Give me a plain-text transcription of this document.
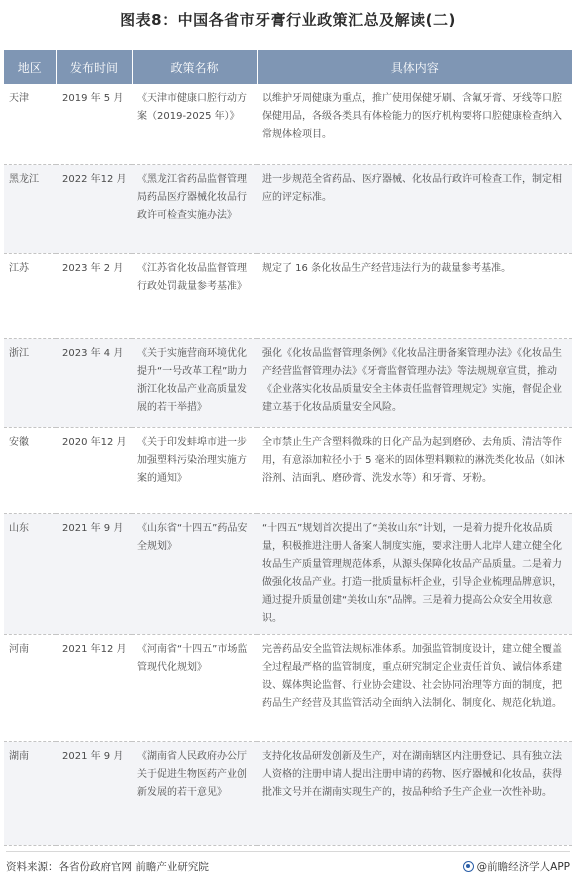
图表8：中国各省市牙膏行业政策汇总及解读(二)
地区	发布时间	政策名称	具体内容
天津	2019 年 5 月	《天津市健康口腔行动方案（2019-2025 年）》	以维护牙周健康为重点，推广使用保健牙刷、含氟牙膏、牙线等口腔保健用品，各级各类具有体检能力的医疗机构要将口腔健康检查纳入常规体检项目。
黑龙江	2022 年12 月	《黑龙江省药品监督管理局药品医疗器械化妆品行政许可检查实施办法》	进一步规范全省药品、医疗器械、化妆品行政许可检查工作，制定相应的评定标准。
江苏	2023 年 2 月	《江苏省化妆品监督管理行政处罚裁量参考基准》	规定了 16 条化妆品生产经营违法行为的裁量参考基准。
浙江	2023 年 4 月	《关于实施营商环境优化提升“一号改革工程”助力浙江化妆品产业高质量发展的若干举措》	强化《化妆品监督管理条例》《化妆品注册备案管理办法》《化妆品生产经营监督管理办法》《牙膏监督管理办法》等法规规章宣贯，推动《企业落实化妆品质量安全主体责任监督管理规定》实施，督促企业建立基于化妆品质量安全风险。
安徽	2020 年12 月	《关于印发蚌埠市进一步加强塑料污染治理实施方案的通知》	全市禁止生产含塑料微珠的日化产品为起到磨砂、去角质、清洁等作用，有意添加粒径小于 5 毫米的固体塑料颗粒的淋洗类化妆品（如沐浴剂、洁面乳、磨砂膏、洗发水等）和牙膏、牙粉。
山东	2021 年 9 月	《山东省“十四五”药品安全规划》	“十四五”规划首次提出了“美妆山东”计划，一是着力提升化妆品质量，积极推进注册人备案人制度实施，要求注册人北岸人建立健全化妆品生产质量管理规范体系，从源头保障化妆品产品质量。二是着力做强化妆品产业。打造一批质量标杆企业，引导企业梳理品牌意识，通过提升质量创建“美妆山东”品牌。三是着力提高公众安全用妆意识。
河南	2021 年12 月	《河南省“十四五”市场监管现代化规划》	完善药品安全监管法规标准体系。加强监管制度设计，建立健全覆盖全过程最严格的监管制度，重点研究制定企业责任首负、诚信体系建设、媒体舆论监督、行业协会建设、社会协同治理等方面的制度，把药品生产经营及其监管活动全面纳入法制化、制度化、规范化轨道。
湖南	2021 年 9 月	《湖南省人民政府办公厅关于促进生物医药产业创新发展的若干意见》	支持化妆品研发创新及生产，对在湖南辖区内注册登记、具有独立法人资格的注册申请人提出注册申请的药物、医疗器械和化妆品，获得批准文号并在湖南实现生产的，按品种给予生产企业一次性补助。
资料来源：各省份政府官网 前瞻产业研究院	@前瞻经济学人APP
